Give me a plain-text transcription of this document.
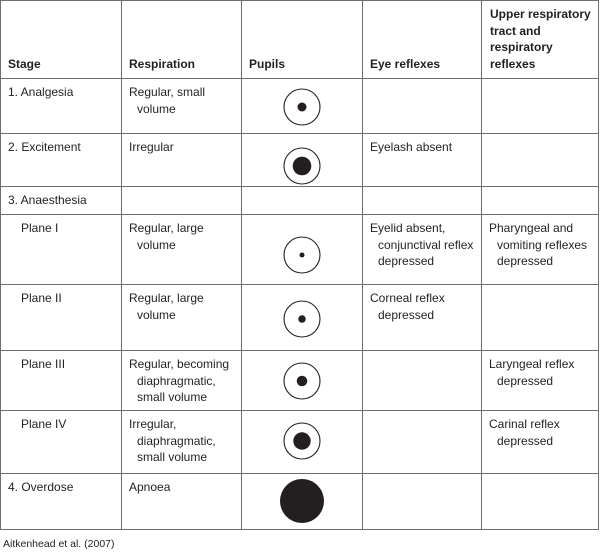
Stage	Respiration	Pupils	Eye reflexes	Upper respiratory tract and respiratory reflexes

1. Analgesia	Regular, small volume

2. Excitement	Irregular		Eyelash absent	

3. Anaesthesia				

Plane I	Regular, large volume		Eyelid absent, conjunctival reflex depressed	Pharyngeal and vomiting reflexes depressed

Plane II	Regular, large volume		Corneal reflex depressed	

Plane III	Regular, becoming diaphragmatic, small volume			Laryngeal reflex depressed

Plane IV	Irregular, diaphragmatic, small volume			Carinal reflex depressed

4. Overdose	Apnoea

Aitkenhead et al. (2007)
